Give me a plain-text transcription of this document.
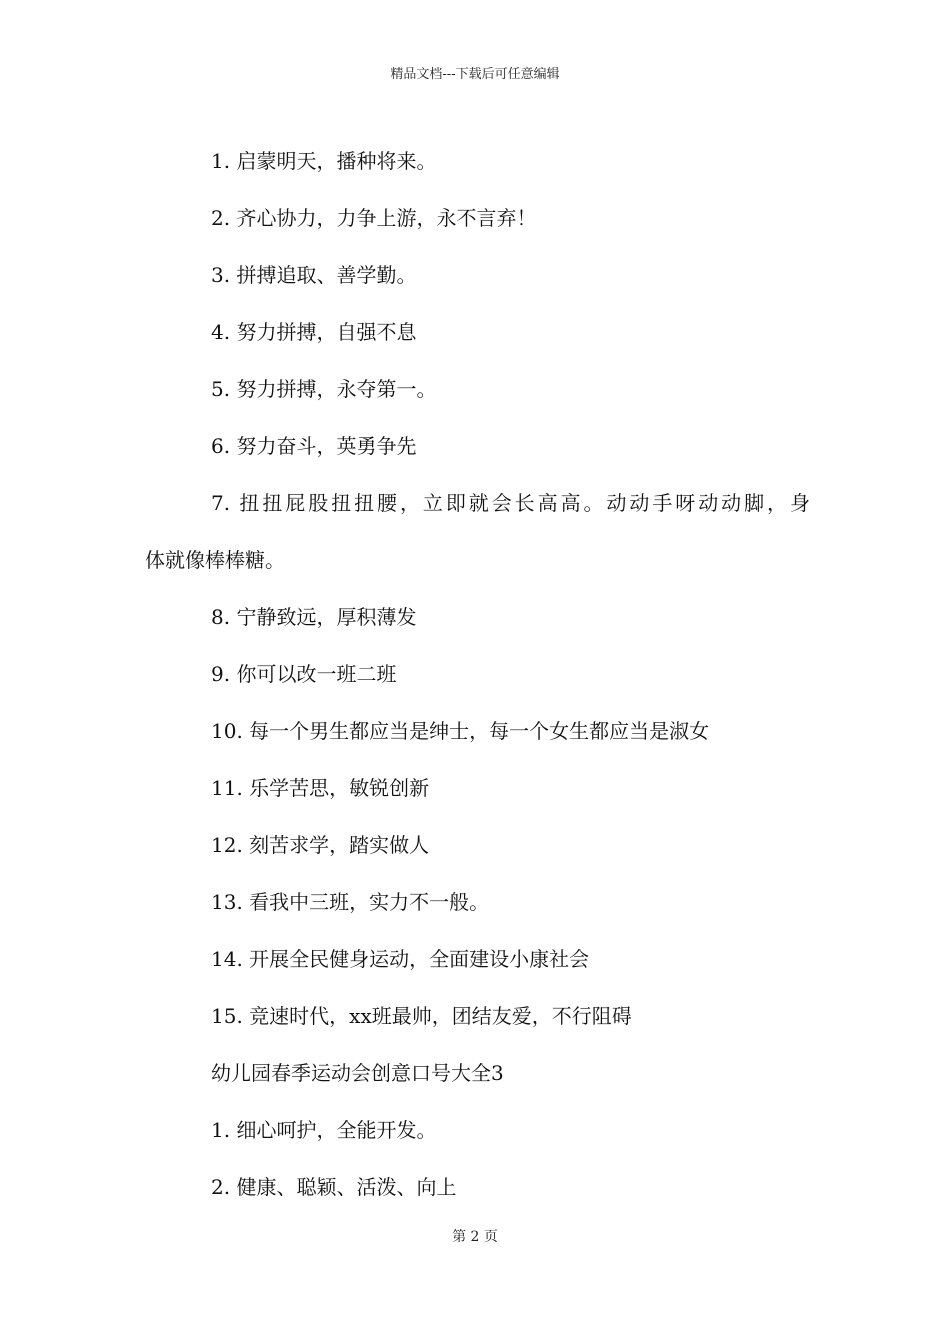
精品文档---下载后可任意编辑
1. 启蒙明天，播种将来。
2. 齐心协力，力争上游，永不言弃！
3. 拼搏追取、善学勤。
4. 努力拼搏，自强不息
5. 努力拼搏，永夺第一。
6. 努力奋斗，英勇争先
7. 扭扭屁股扭扭腰，立即就会长高高。动动手呀动动脚，身
体就像棒棒糖。
8. 宁静致远，厚积薄发
9. 你可以改一班二班
10. 每一个男生都应当是绅士，每一个女生都应当是淑女
11. 乐学苦思，敏锐创新
12. 刻苦求学，踏实做人
13. 看我中三班，实力不一般。
14. 开展全民健身运动，全面建设小康社会
15. 竞速时代，xx班最帅，团结友爱，不行阻碍
幼儿园春季运动会创意口号大全3
1. 细心呵护，全能开发。
2. 健康、聪颖、活泼、向上
第 2 页
